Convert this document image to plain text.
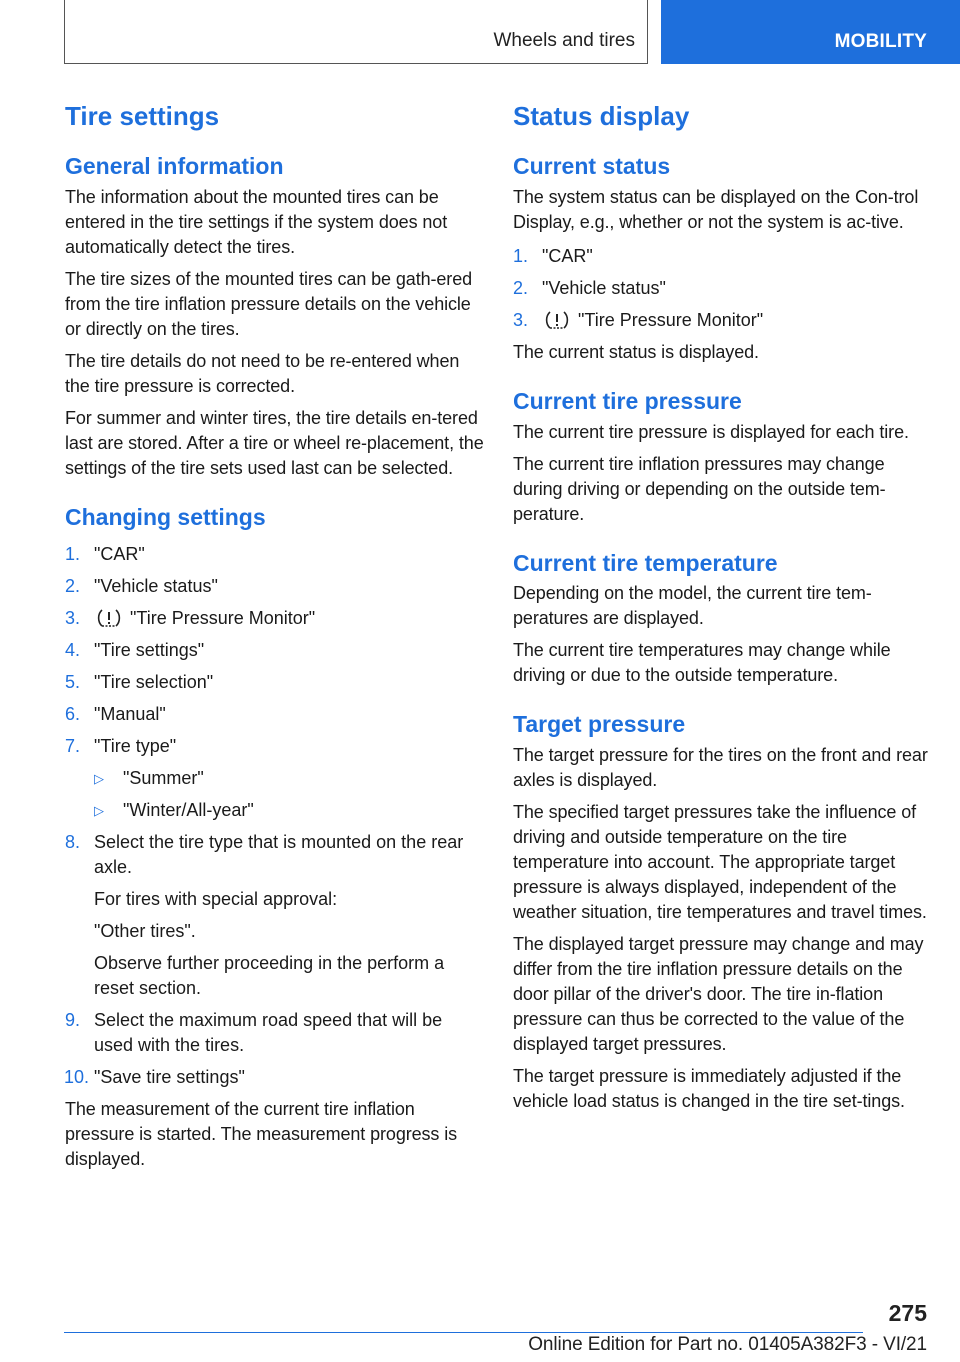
Wheels and tires	MOBILITY
Tire settings
General information

The information about the mounted tires can be entered in the tire settings if the system does not automatically detect the tires.

The tire sizes of the mounted tires can be gath-ered from the tire inflation pressure details on the vehicle or directly on the tires.

The tire details do not need to be re-entered when the tire pressure is corrected.

For summer and winter tires, the tire details en-tered last are stored. After a tire or wheel re-placement, the settings of the tire sets used last can be selected.

Changing settings
1. "CAR"
2. "Vehicle status"
3.	"Tire Pressure Monitor"
4. "Tire settings"
5. "Tire selection"
6. "Manual"
7. "Tire type"
▷ "Summer"
▷ "Winter/All-year"
8. Select the tire type that is mounted on the rear axle.
For tires with special approval:
"Other tires".
Observe further proceeding in the perform a reset section.
9. Select the maximum road speed that will be used with the tires.
10. "Save tire settings"

The measurement of the current tire inflation pressure is started. The measurement progress is displayed.

Status display
Current status

The system status can be displayed on the Con-trol Display, e.g., whether or not the system is ac-tive.

1. "CAR"
2. "Vehicle status"
3.	"Tire Pressure Monitor"

The current status is displayed.

Current tire pressure

The current tire pressure is displayed for each tire.

The current tire inflation pressures may change during driving or depending on the outside tem-perature.

Current tire temperature

Depending on the model, the current tire tem-peratures are displayed.

The current tire temperatures may change while driving or due to the outside temperature.

Target pressure

The target pressure for the tires on the front and rear axles is displayed.

The specified target pressures take the influence of driving and outside temperature on the tire temperature into account. The appropriate target pressure is always displayed, independent of the weather situation, tire temperatures and travel times.

The displayed target pressure may change and may differ from the tire inflation pressure details on the door pillar of the driver's door. The tire in-flation pressure can thus be corrected to the value of the displayed target pressures.

The target pressure is immediately adjusted if the vehicle load status is changed in the tire set-tings.

275
Online Edition for Part no. 01405A382F3 - VI/21
